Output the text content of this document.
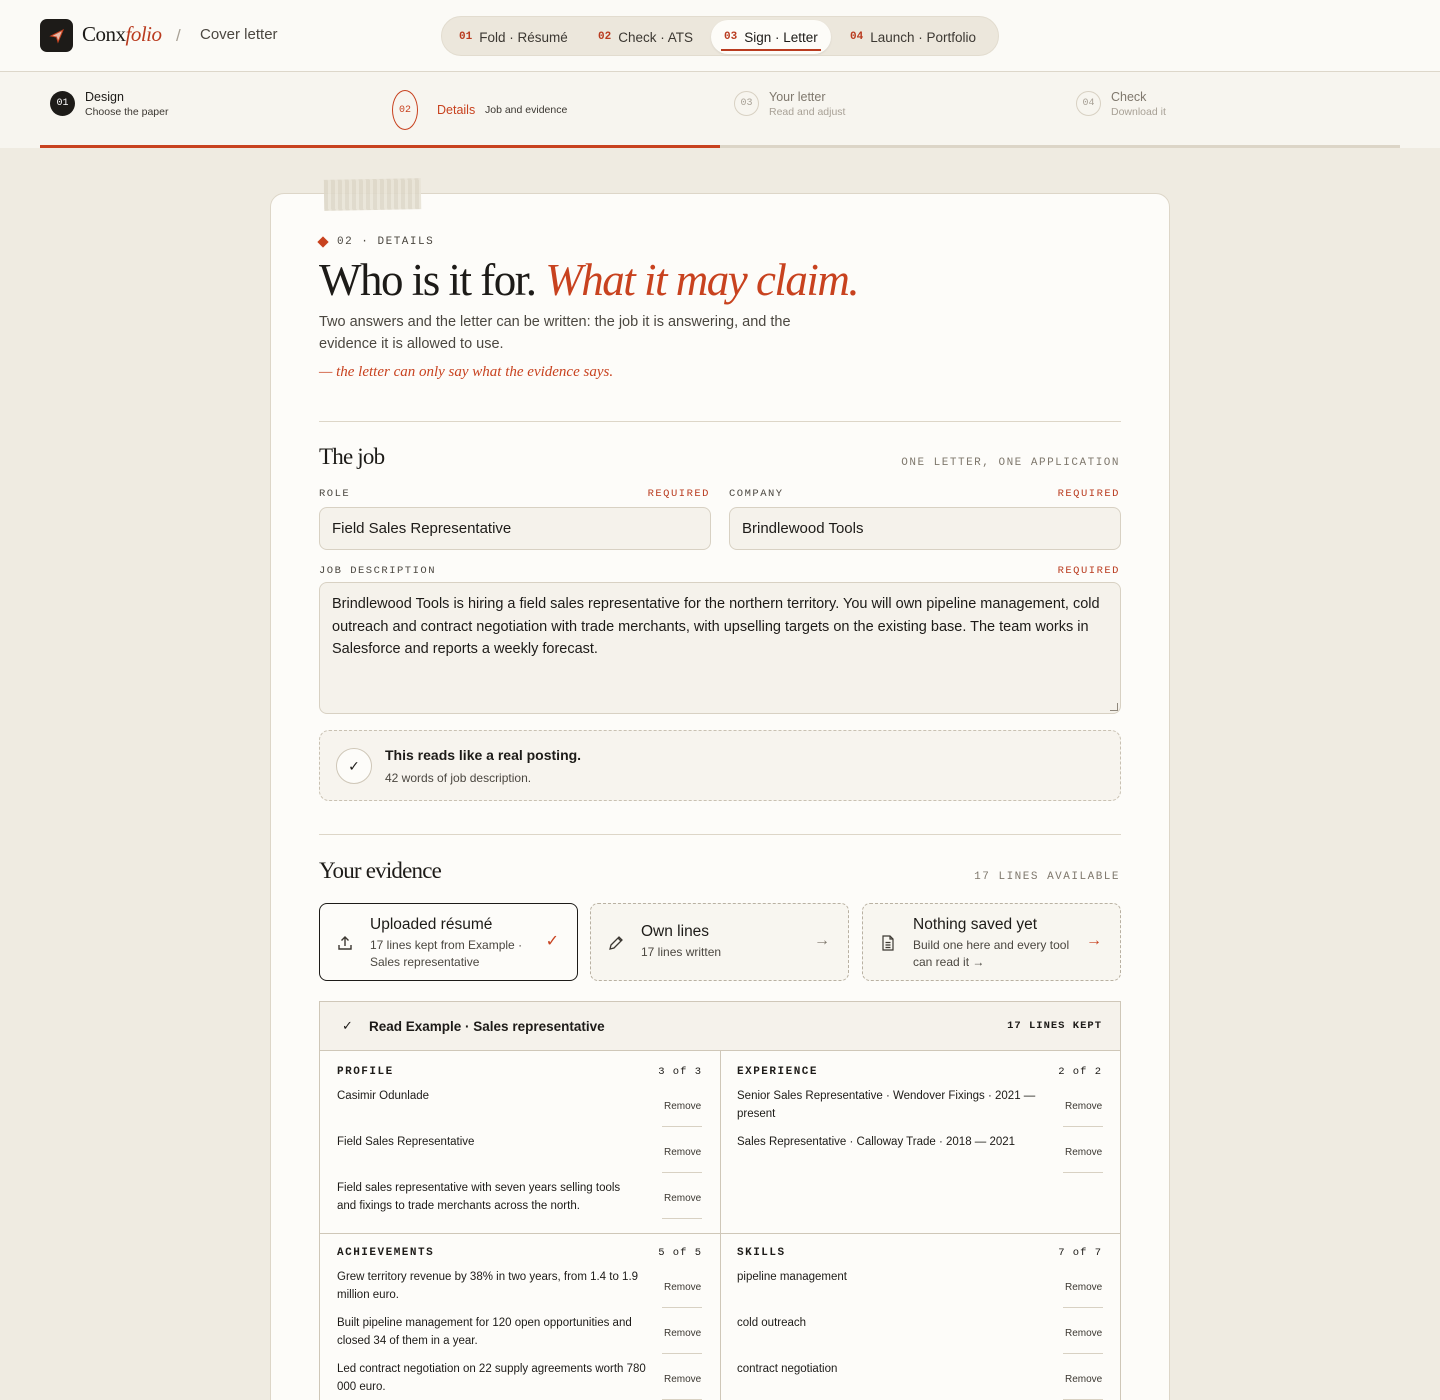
Conxfolio / Cover letter	01 Fold · Résumé	02 Check · ATS	03 Sign · Letter	04 Launch · Portfolio
01	Design
Choose the paper	02	Details Job and evidence
03	Your letter
Read and adjust
04	Check
Download it
02 · DETAILS
Who is it for. What it may claim.
Two answers and the letter can be written: the job it is answering, and the evidence it is allowed to use.
— the letter can only say what the evidence says.
The job	ONE LETTER, ONE APPLICATION
ROLE	REQUIRED
Field Sales Representative
COMPANY	REQUIRED
Brindlewood Tools
JOB DESCRIPTION	REQUIRED
Brindlewood Tools is hiring a field sales representative for the northern territory. You will own pipeline management, cold outreach and contract negotiation with trade merchants, with upselling targets on the existing base. The team works in Salesforce and reports a weekly forecast.
✓
This reads like a real posting.
42 words of job description.
Your evidence	17 LINES AVAILABLE
Uploaded résumé
17 lines kept from Example · Sales representative
✓
Own lines
17 lines written
→
Nothing saved yet
Build one here and every tool can read it →
→
✓ Read Example · Sales representative	17 LINES KEPT
PROFILE	3 of 3
Casimir Odunlade
Remove
Field Sales Representative
Remove
Field sales representative with seven years selling tools and fixings to trade merchants across the north.
Remove
EXPERIENCE	2 of 2
Senior Sales Representative · Wendover Fixings · 2021 — present
Remove
Sales Representative · Calloway Trade · 2018 — 2021
Remove
ACHIEVEMENTS	5 of 5
Grew territory revenue by 38% in two years, from 1.4 to 1.9 million euro.
Remove
Built pipeline management for 120 open opportunities and closed 34 of them in a year.
Remove
Led contract negotiation on 22 supply agreements worth 780 000 euro.
Remove
SKILLS	7 of 7
pipeline management
Remove
cold outreach
Remove
contract negotiation
Remove
